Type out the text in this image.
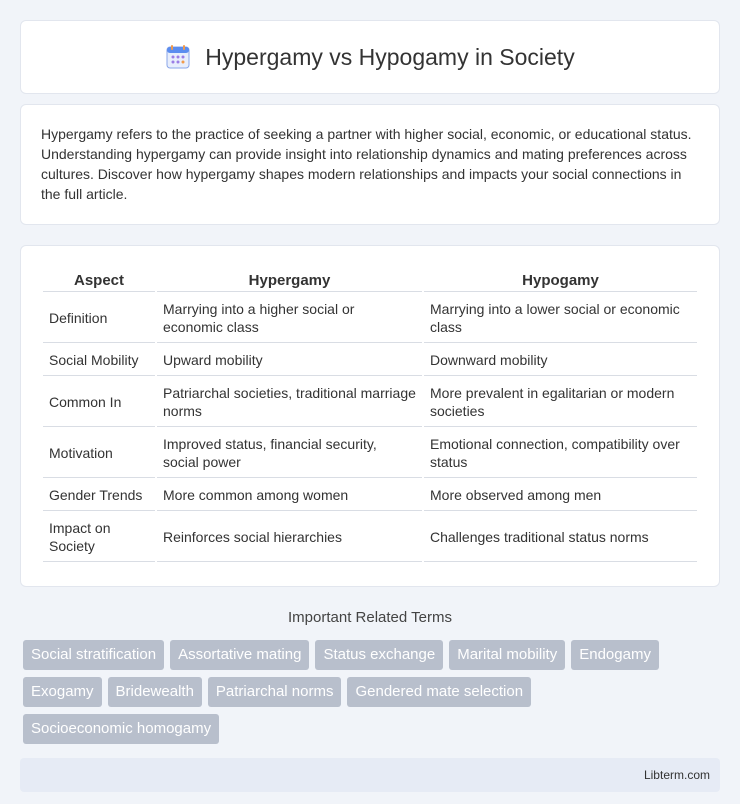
Hypergamy vs Hypogamy in Society

Hypergamy refers to the practice of seeking a partner with higher social, economic, or educational status. Understanding hypergamy can provide insight into relationship dynamics and mating preferences across cultures. Discover how hypergamy shapes modern relationships and impacts your social connections in the full article.

Aspect	Hypergamy	Hypogamy
Definition	Marrying into a higher social or economic class	Marrying into a lower social or economic class
Social Mobility	Upward mobility	Downward mobility
Common In	Patriarchal societies, traditional marriage norms	More prevalent in egalitarian or modern societies
Motivation	Improved status, financial security, social power	Emotional connection, compatibility over status
Gender Trends	More common among women	More observed among men
Impact on Society	Reinforces social hierarchies	Challenges traditional status norms
Important Related Terms
Social stratification	Assortative mating	Status exchange	Marital mobility	Endogamy
Exogamy	Bridewealth	Patriarchal norms	Gendered mate selection
Socioeconomic homogamy
Libterm.com
